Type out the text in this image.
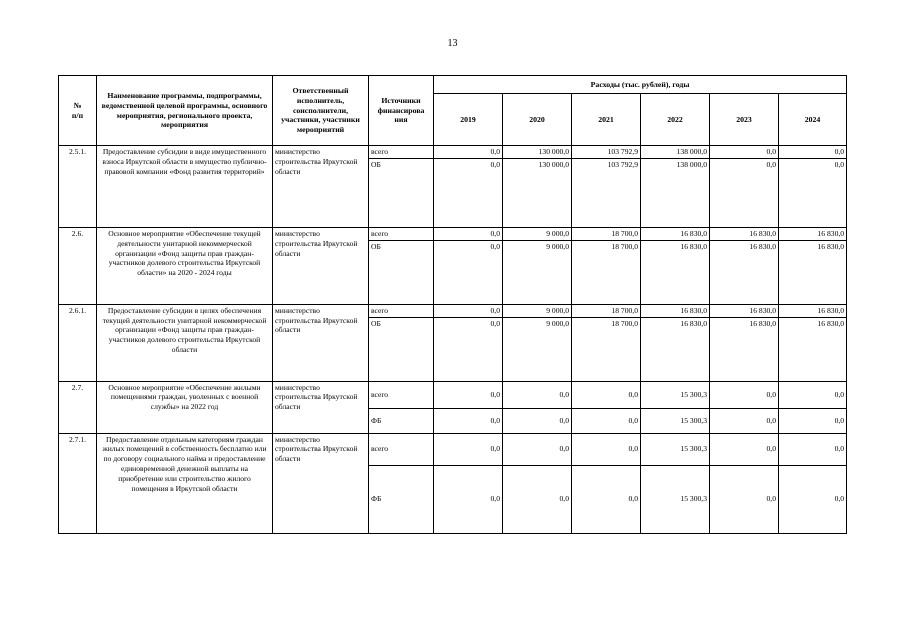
13
№
п/п	Наименование программы, подпрограммы, ведомственной целевой программы, основного мероприятия, регионального проекта, мероприятия	Ответственный исполнитель, соисполнители, участники, участники мероприятий	Источники финансирова ния	Расходы (тыс. рублей), годы					
				2019	2020	2021	2022	2023	2024
2.5.1.	Предоставление субсидии в виде имущественного взноса Иркутской области в имущество публично-правовой компании «Фонд развития территорий»	министерство строительства Иркутской области	всего	0,0	130 000,0	103 792,9	138 000,0	0,0	0,0
			ОБ	0,0	130 000,0	103 792,9	138 000,0	0,0	0,0
2.6.	Основное мероприятие «Обеспечение текущей деятельности унитарной некоммерческой организации «Фонд защиты прав граждан-участников долевого строительства Иркутской области» на 2020 - 2024 годы	министерство строительства Иркутской области	всего	0,0	9 000,0	18 700,0	16 830,0	16 830,0	16 830,0
			ОБ	0,0	9 000,0	18 700,0	16 830,0	16 830,0	16 830,0
2.6.1.	Предоставление субсидии в целях обеспечения текущей деятельности унитарной некоммерческой организации «Фонд защиты прав граждан-участников долевого строительства Иркутской области	министерство строительства Иркутской области	всего	0,0	9 000,0	18 700,0	16 830,0	16 830,0	16 830,0
			ОБ	0,0	9 000,0	18 700,0	16 830,0	16 830,0	16 830,0
2.7.	Основное мероприятие «Обеспечение жилыми помещениями граждан, уволенных с военной службы» на 2022 год	министерство строительства Иркутской области	всего	0,0	0,0	0,0	15 300,3	0,0	0,0
			ФБ	0,0	0,0	0,0	15 300,3	0,0	0,0
2.7.1.	Предоставление отдельным категориям граждан жилых помещений в собственность бесплатно или по договору социального найма и предоставление единовременной денежной выплаты на приобретение или строительство жилого помещения в Иркутской области	министерство строительства Иркутской области	всего	0,0	0,0	0,0	15 300,3	0,0	0,0
			ФБ	0,0	0,0	0,0	15 300,3	0,0	0,0
